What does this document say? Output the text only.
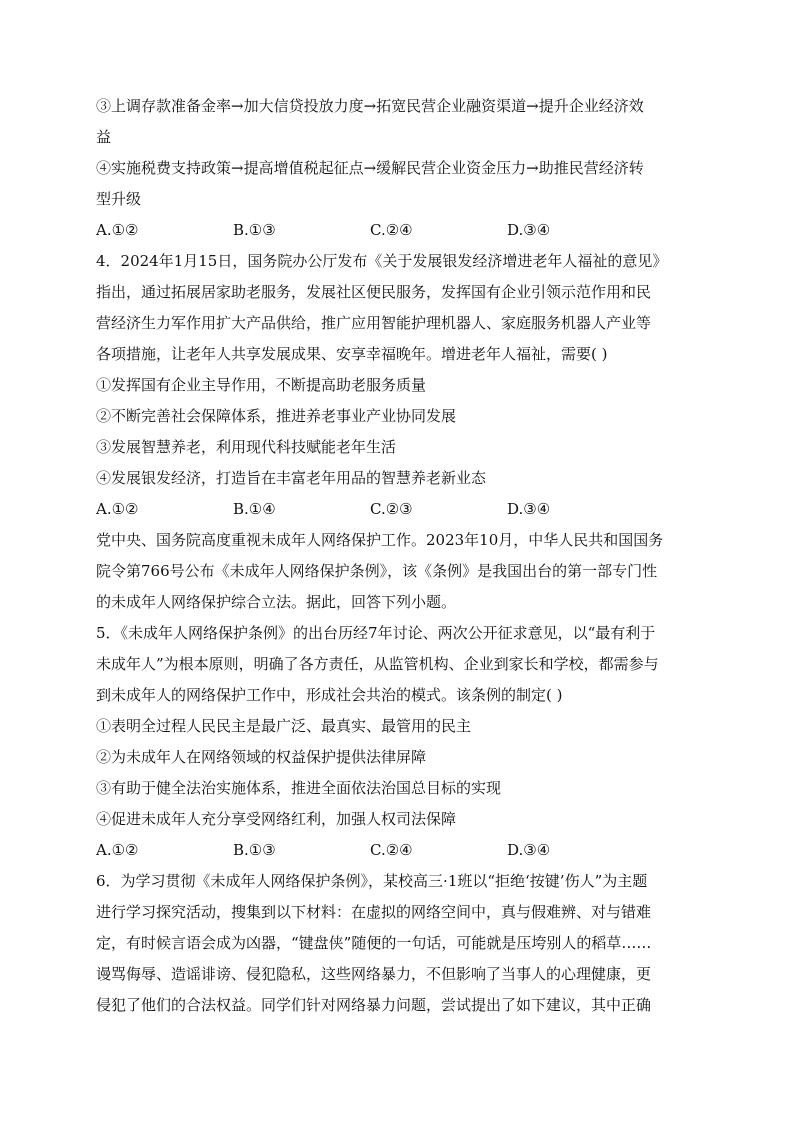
③上调存款准备金率→加大信贷投放力度→拓宽民营企业融资渠道→提升企业经济效
益
④实施税费支持政策→提高增值税起征点→缓解民营企业资金压力→助推民营经济转
型升级
A.①②	B.①③	C.②④	D.③④
4．2024年1月15日，国务院办公厅发布《关于发展银发经济增进老年人福祉的意见》
指出，通过拓展居家助老服务，发展社区便民服务，发挥国有企业引领示范作用和民
营经济生力军作用扩大产品供给，推广应用智能护理机器人、家庭服务机器人产业等
各项措施，让老年人共享发展成果、安享幸福晚年。增进老年人福祉，需要( )
①发挥国有企业主导作用，不断提高助老服务质量
②不断完善社会保障体系，推进养老事业产业协同发展
③发展智慧养老，利用现代科技赋能老年生活
④发展银发经济，打造旨在丰富老年用品的智慧养老新业态
A.①②	B.①④	C.②③	D.③④
党中央、国务院高度重视未成年人网络保护工作。2023年10月，中华人民共和国国务
院令第766号公布《未成年人网络保护条例》，该《条例》是我国出台的第一部专门性
的未成年人网络保护综合立法。据此，回答下列小题。
5．《未成年人网络保护条例》的出台历经7年讨论、两次公开征求意见，以“最有利于
未成年人”为根本原则，明确了各方责任，从监管机构、企业到家长和学校，都需参与
到未成年人的网络保护工作中，形成社会共治的模式。该条例的制定( )
①表明全过程人民民主是最广泛、最真实、最管用的民主
②为未成年人在网络领域的权益保护提供法律屏障
③有助于健全法治实施体系，推进全面依法治国总目标的实现
④促进未成年人充分享受网络红利，加强人权司法保障
A.①②	B.①③	C.②④	D.③④
6．为学习贯彻《未成年人网络保护条例》，某校高三·1班以“拒绝‘按键’伤人”为主题
进行学习探究活动，搜集到以下材料：在虚拟的网络空间中，真与假难辨、对与错难
定，有时候言语会成为凶器，“键盘侠”随便的一句话，可能就是压垮别人的稻草……
谩骂侮辱、造谣诽谤、侵犯隐私，这些网络暴力，不但影响了当事人的心理健康，更
侵犯了他们的合法权益。同学们针对网络暴力问题，尝试提出了如下建议，其中正确
